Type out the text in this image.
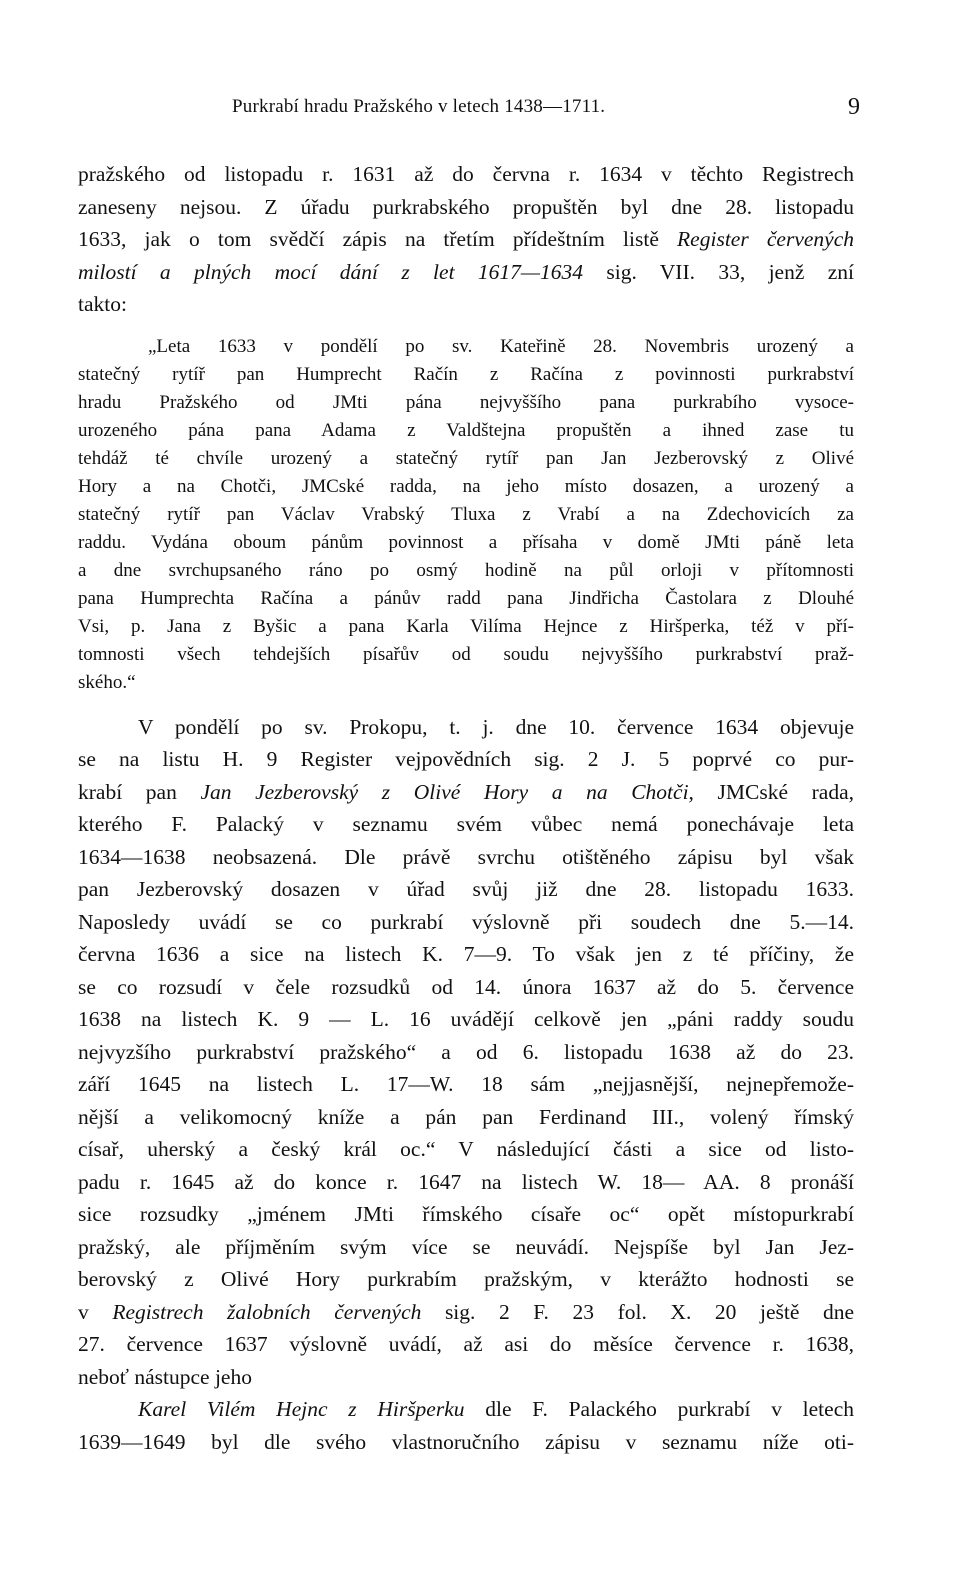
Purkrabí hradu Pražského v letech 1438—1711.	9
pražského od listopadu r. 1631 až do června r. 1634 v těchto Registrech
zaneseny nejsou. Z úřadu purkrabského propuštěn byl dne 28. listopadu
1633, jak o tom svědčí zápis na třetím přídeštním listě Register červených
milostí a plných mocí dání z let 1617—1634 sig. VII. 33, jenž zní
takto:
„Leta 1633 v pondělí po sv. Kateřině 28. Novembris urozený a
statečný rytíř pan Humprecht Račín z Račína z povinnosti purkrabství
hradu Pražského od JMti pána nejvyššího pana purkrabího vysoce-
urozeného pána pana Adama z Valdštejna propuštěn a ihned zase tu
tehdáž té chvíle urozený a statečný rytíř pan Jan Jezberovský z Olivé
Hory a na Chotči, JMCské radda, na jeho místo dosazen, a urozený a
statečný rytíř pan Václav Vrabský Tluxa z Vrabí a na Zdechovicích za
raddu. Vydána oboum pánům povinnost a přísaha v domě JMti páně leta
a dne svrchupsaného ráno po osmý hodině na půl orloji v přítomnosti
pana Humprechta Račína a pánův radd pana Jindřicha Častolara z Dlouhé
Vsi, p. Jana z Byšic a pana Karla Vilíma Hejnce z Hiršperka, též v pří-
tomnosti všech tehdejších písařův od soudu nejvyššího purkrabství praž-
ského.“
V pondělí po sv. Prokopu, t. j. dne 10. července 1634 objevuje
se na listu H. 9 Register vejpovědních sig. 2 J. 5 poprvé co pur-
krabí pan Jan Jezberovský z Olivé Hory a na Chotči, JMCské rada,
kterého F. Palacký v seznamu svém vůbec nemá ponechávaje leta
1634—1638 neobsazená. Dle právě svrchu otištěného zápisu byl však
pan Jezberovský dosazen v úřad svůj již dne 28. listopadu 1633.
Naposledy uvádí se co purkrabí výslovně při soudech dne 5.—14.
června 1636 a sice na listech K. 7—9. To však jen z té příčiny, že
se co rozsudí v čele rozsudků od 14. února 1637 až do 5. července
1638 na listech K. 9 — L. 16 uvádějí celkově jen „páni raddy soudu
nejvyzšího purkrabství pražského“ a od 6. listopadu 1638 až do 23.
září 1645 na listech L. 17—W. 18 sám „nejjasnější, nejnepřemože-
nější a velikomocný kníže a pán pan Ferdinand III., volený římský
císař, uherský a český král oc.“ V následující části a sice od listo-
padu r. 1645 až do konce r. 1647 na listech W. 18— AA. 8 pronáší
sice rozsudky „jménem JMti římského císaře oc“ opět místopurkrabí
pražský, ale příjměním svým více se neuvádí. Nejspíše byl Jan Jez-
berovský z Olivé Hory purkrabím pražským, v kterážto hodnosti se
v Registrech žalobních červených sig. 2 F. 23 fol. X. 20 ještě dne
27. července 1637 výslovně uvádí, až asi do měsíce července r. 1638,
neboť nástupce jeho
Karel Vilém Hejnc z Hiršperku dle F. Palackého purkrabí v letech
1639—1649 byl dle svého vlastnoručního zápisu v seznamu níže oti-
